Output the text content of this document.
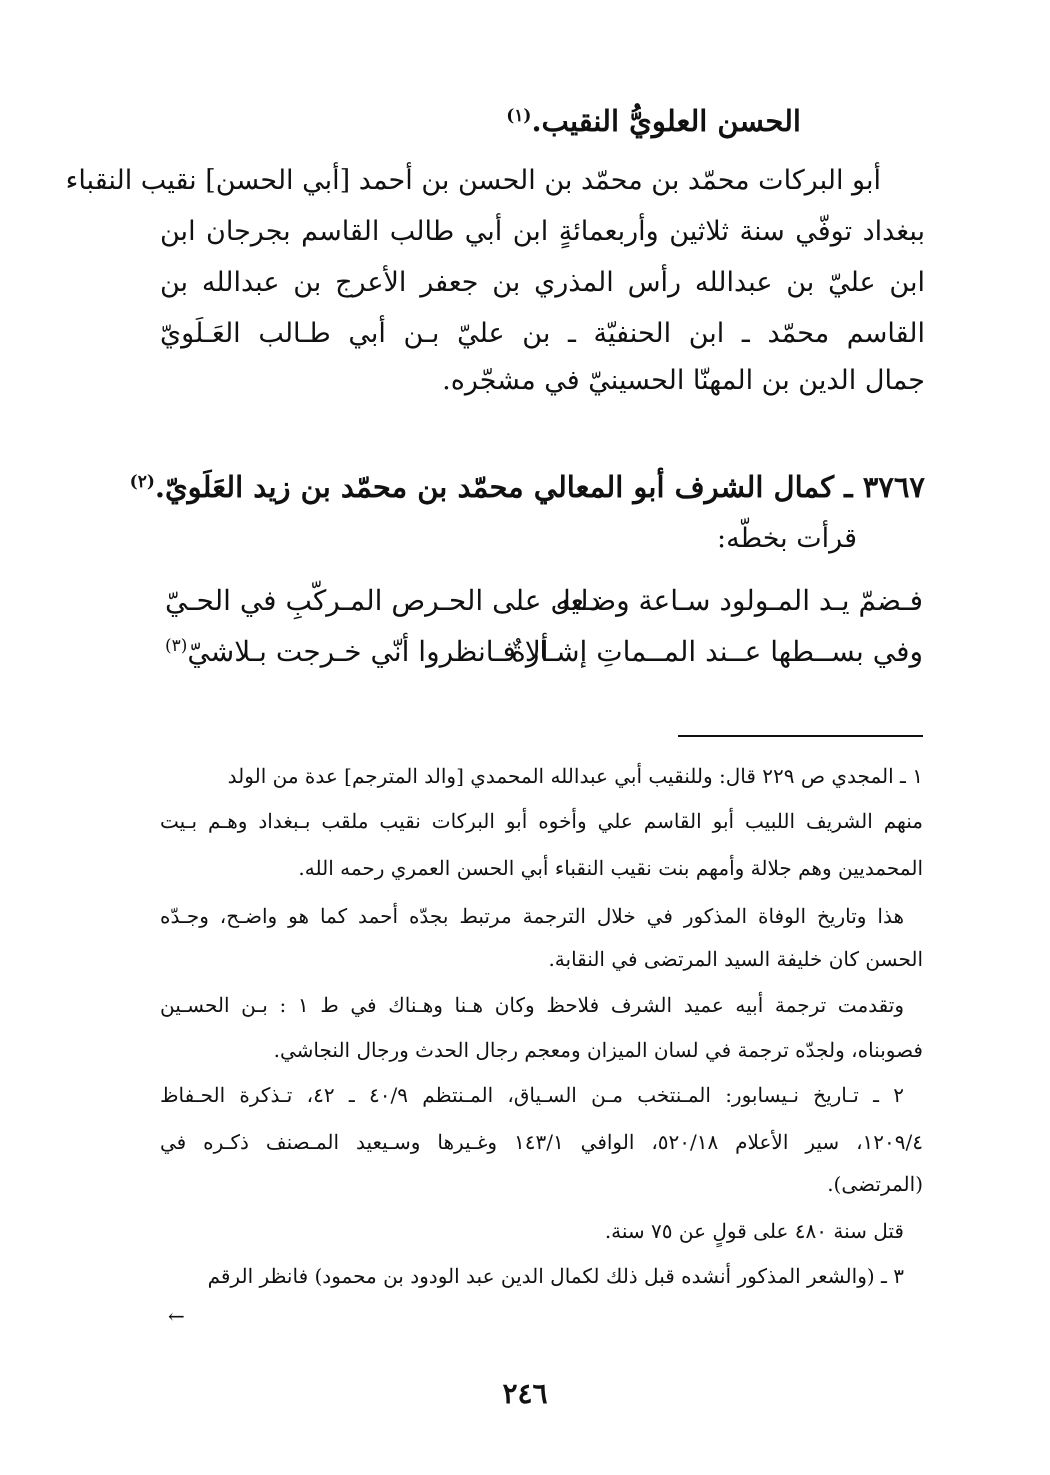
الحسن العلويُّ النقيب.$^{(١)}$
أبو البركات محمّد بن محمّد بن الحسن بن أحمد [أبي الحسن] نقيب النقباء
ببغداد توفّي سنة ثلاثين وأربعمائةٍ ابن أبي طالب القاسم بجرجان ابن
ابن عليّ بن عبدالله رأس المذري بن جعفر الأعرج بن عبدالله بن
القاسم محمّد ـ ابن الحنفيّة ـ بن عليّ بـن أبي طـالب العَـلَويّ
جمال الدين بن المهنّا الحسينيّ في مشجّره.
٣٧٦٧ ـ كمال الشرف أبو المعالي محمّد بن محمّد بن زيد العَلَويّ.$^{(٢)}$
قرأت بخطّه:
فـضمّ يـد المـولود سـاعة وضـعه
دليل على الحـرص المـركّبِ في الحـيّ
وفي بســطها عــند المــماتِ إشـارةٌ
ألا فـانظروا أنّي خـرجت بـلاشيّ$^{(٣)}$
١ ـ المجدي ص ٢٢٩ قال: وللنقيب أبي عبدالله المحمدي [والد المترجم] عدة من الولد
منهم الشريف اللبيب أبو القاسم علي وأخوه أبو البركات نقيب ملقب بـبغداد وهـم بـيت
المحمديين وهم جلالة وأمهم بنت نقيب النقباء أبي الحسن العمري رحمه الله.
هذا وتاريخ الوفاة المذكور في خلال الترجمة مرتبط بجدّه أحمد كما هو واضـح، وجـدّه
الحسن كان خليفة السيد المرتضى في النقابة.
وتقدمت ترجمة أبيه عميد الشرف فلاحظ وكان هـنا وهـناك في ط ١ : بـن الحسـين
فصوبناه، ولجدّه ترجمة في لسان الميزان ومعجم رجال الحدث ورجال النجاشي.
٢ ـ تـاريخ نـيسابور: المـنتخب مـن السـياق، المـنتظم ٤٠/٩ ـ ٤٢، تـذكرة الحـفاظ
١٢٠٩/٤، سير الأعلام ٥٢٠/١٨، الوافي ١٤٣/١ وغـيرها وسـيعيد المـصنف ذكـره في
(المرتضى).
قتل سنة ٤٨٠ على قولٍ عن ٧٥ سنة.
٣ ـ (والشعر المذكور أنشده قبل ذلك لكمال الدين عبد الودود بن محمود) فانظر الرقم
←
٢٤٦
